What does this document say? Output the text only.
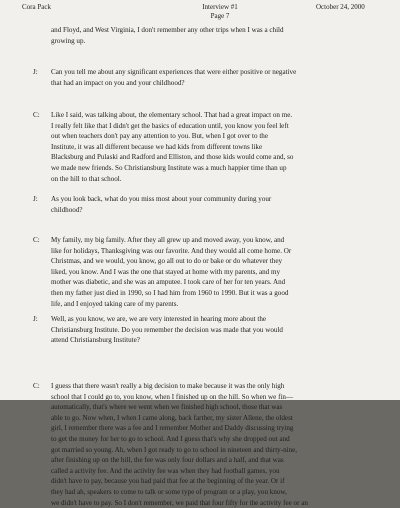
Cora Pack	Interview #1
Page 7
October 24, 2000
and Floyd, and West Virginia, I don't remember any other trips when I was a child
growing up.
J:	Can you tell me about any significant experiences that were either positive or negative
that had an impact on you and your childhood?
C:	Like I said, was talking about, the elementary school. That had a great impact on me.
I really felt like that I didn't get the basics of education until, you know you feel left
out when teachers don't pay any attention to you. But, when I got over to the
Institute, it was all different because we had kids from different towns like
Blacksburg and Pulaski and Radford and Elliston, and those kids would come and, so
we made new friends. So Christiansburg Institute was a much happier time than up
on the hill to that school.
J:	As you look back, what do you miss most about your community during your
childhood?
C:	My family, my big family. After they all grew up and moved away, you know, and
like for holidays, Thanksgiving was our favorite. And they would all come home. Or
Christmas, and we would, you know, go all out to do or bake or do whatever they
liked, you know. And I was the one that stayed at home with my parents, and my
mother was diabetic, and she was an amputee. I took care of her for ten years. And
then my father just died in 1990, so I had him from 1960 to 1990. But it was a good
life, and I enjoyed taking care of my parents.
J:	Well, as you know, we are, we are very interested in hearing more about the
Christiansburg Institute. Do you remember the decision was made that you would
attend Christiansburg Institute?
C:	I guess that there wasn't really a big decision to make because it was the only high
school that I could go to, you know, when I finished up on the hill. So when we fin—
automatically, that's where we went when we finished high school, those that was
able to go. Now when, I when I came along, back farther, my sister Allene, the oldest
girl, I remember there was a fee and I remember Mother and Daddy discussing trying
to get the money for her to go to school. And I guess that's why she dropped out and
got married so young. Ah, when I got ready to go to school in nineteen and thirty-nine,
after finishing up on the hill, the fee was only four dollars and a half, and that was
called a activity fee. And the activity fee was when they had football games, you
didn't have to pay, because you had paid that fee at the beginning of the year. Or if
they had ah, speakers to come to talk or some type of program or a play, you know,
we didn't have to pay. So I don't remember, we paid that four fifty for the activity fee or an
